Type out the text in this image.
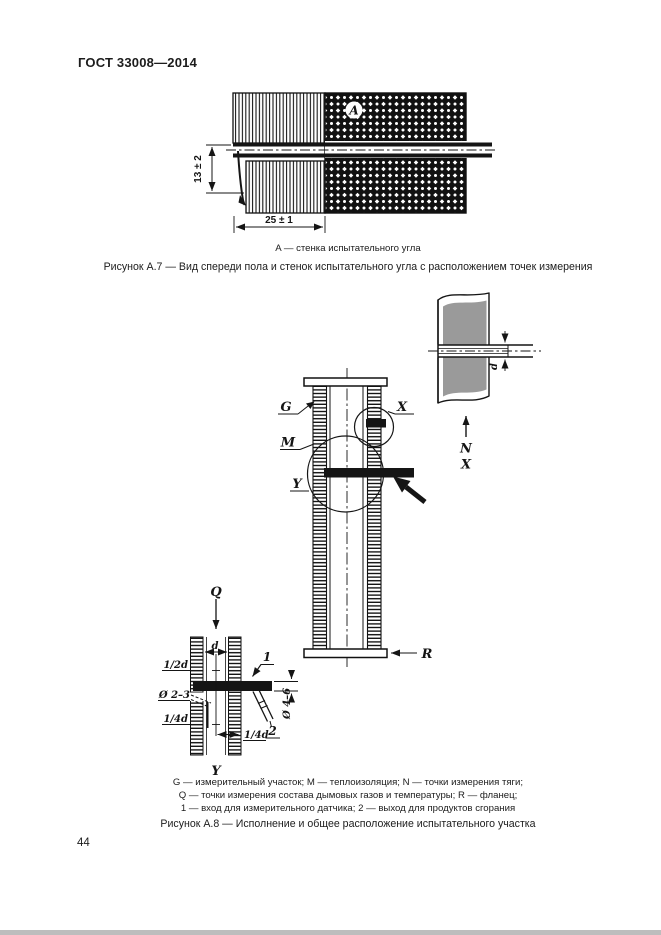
ГОСТ 33008—2014
13 ± 2
25 ± 1
A
X
G
M
Y
R
d
N
X
Q
d
1/2d
Ø 2–3
1/4d
1/4d
1
2
Ø 4–6
Y
A — стенка испытательного угла
Рисунок А.7 — Вид спереди пола и стенок испытательного угла с расположением точек измерения
G — измерительный участок; M — теплоизоляция; N — точки измерения тяги;
Q — точки измерения состава дымовых газов и температуры; R — фланец;
1 — вход для измерительного датчика; 2 — выход для продуктов сгорания
Рисунок А.8 — Исполнение и общее расположение испытательного участка
44
